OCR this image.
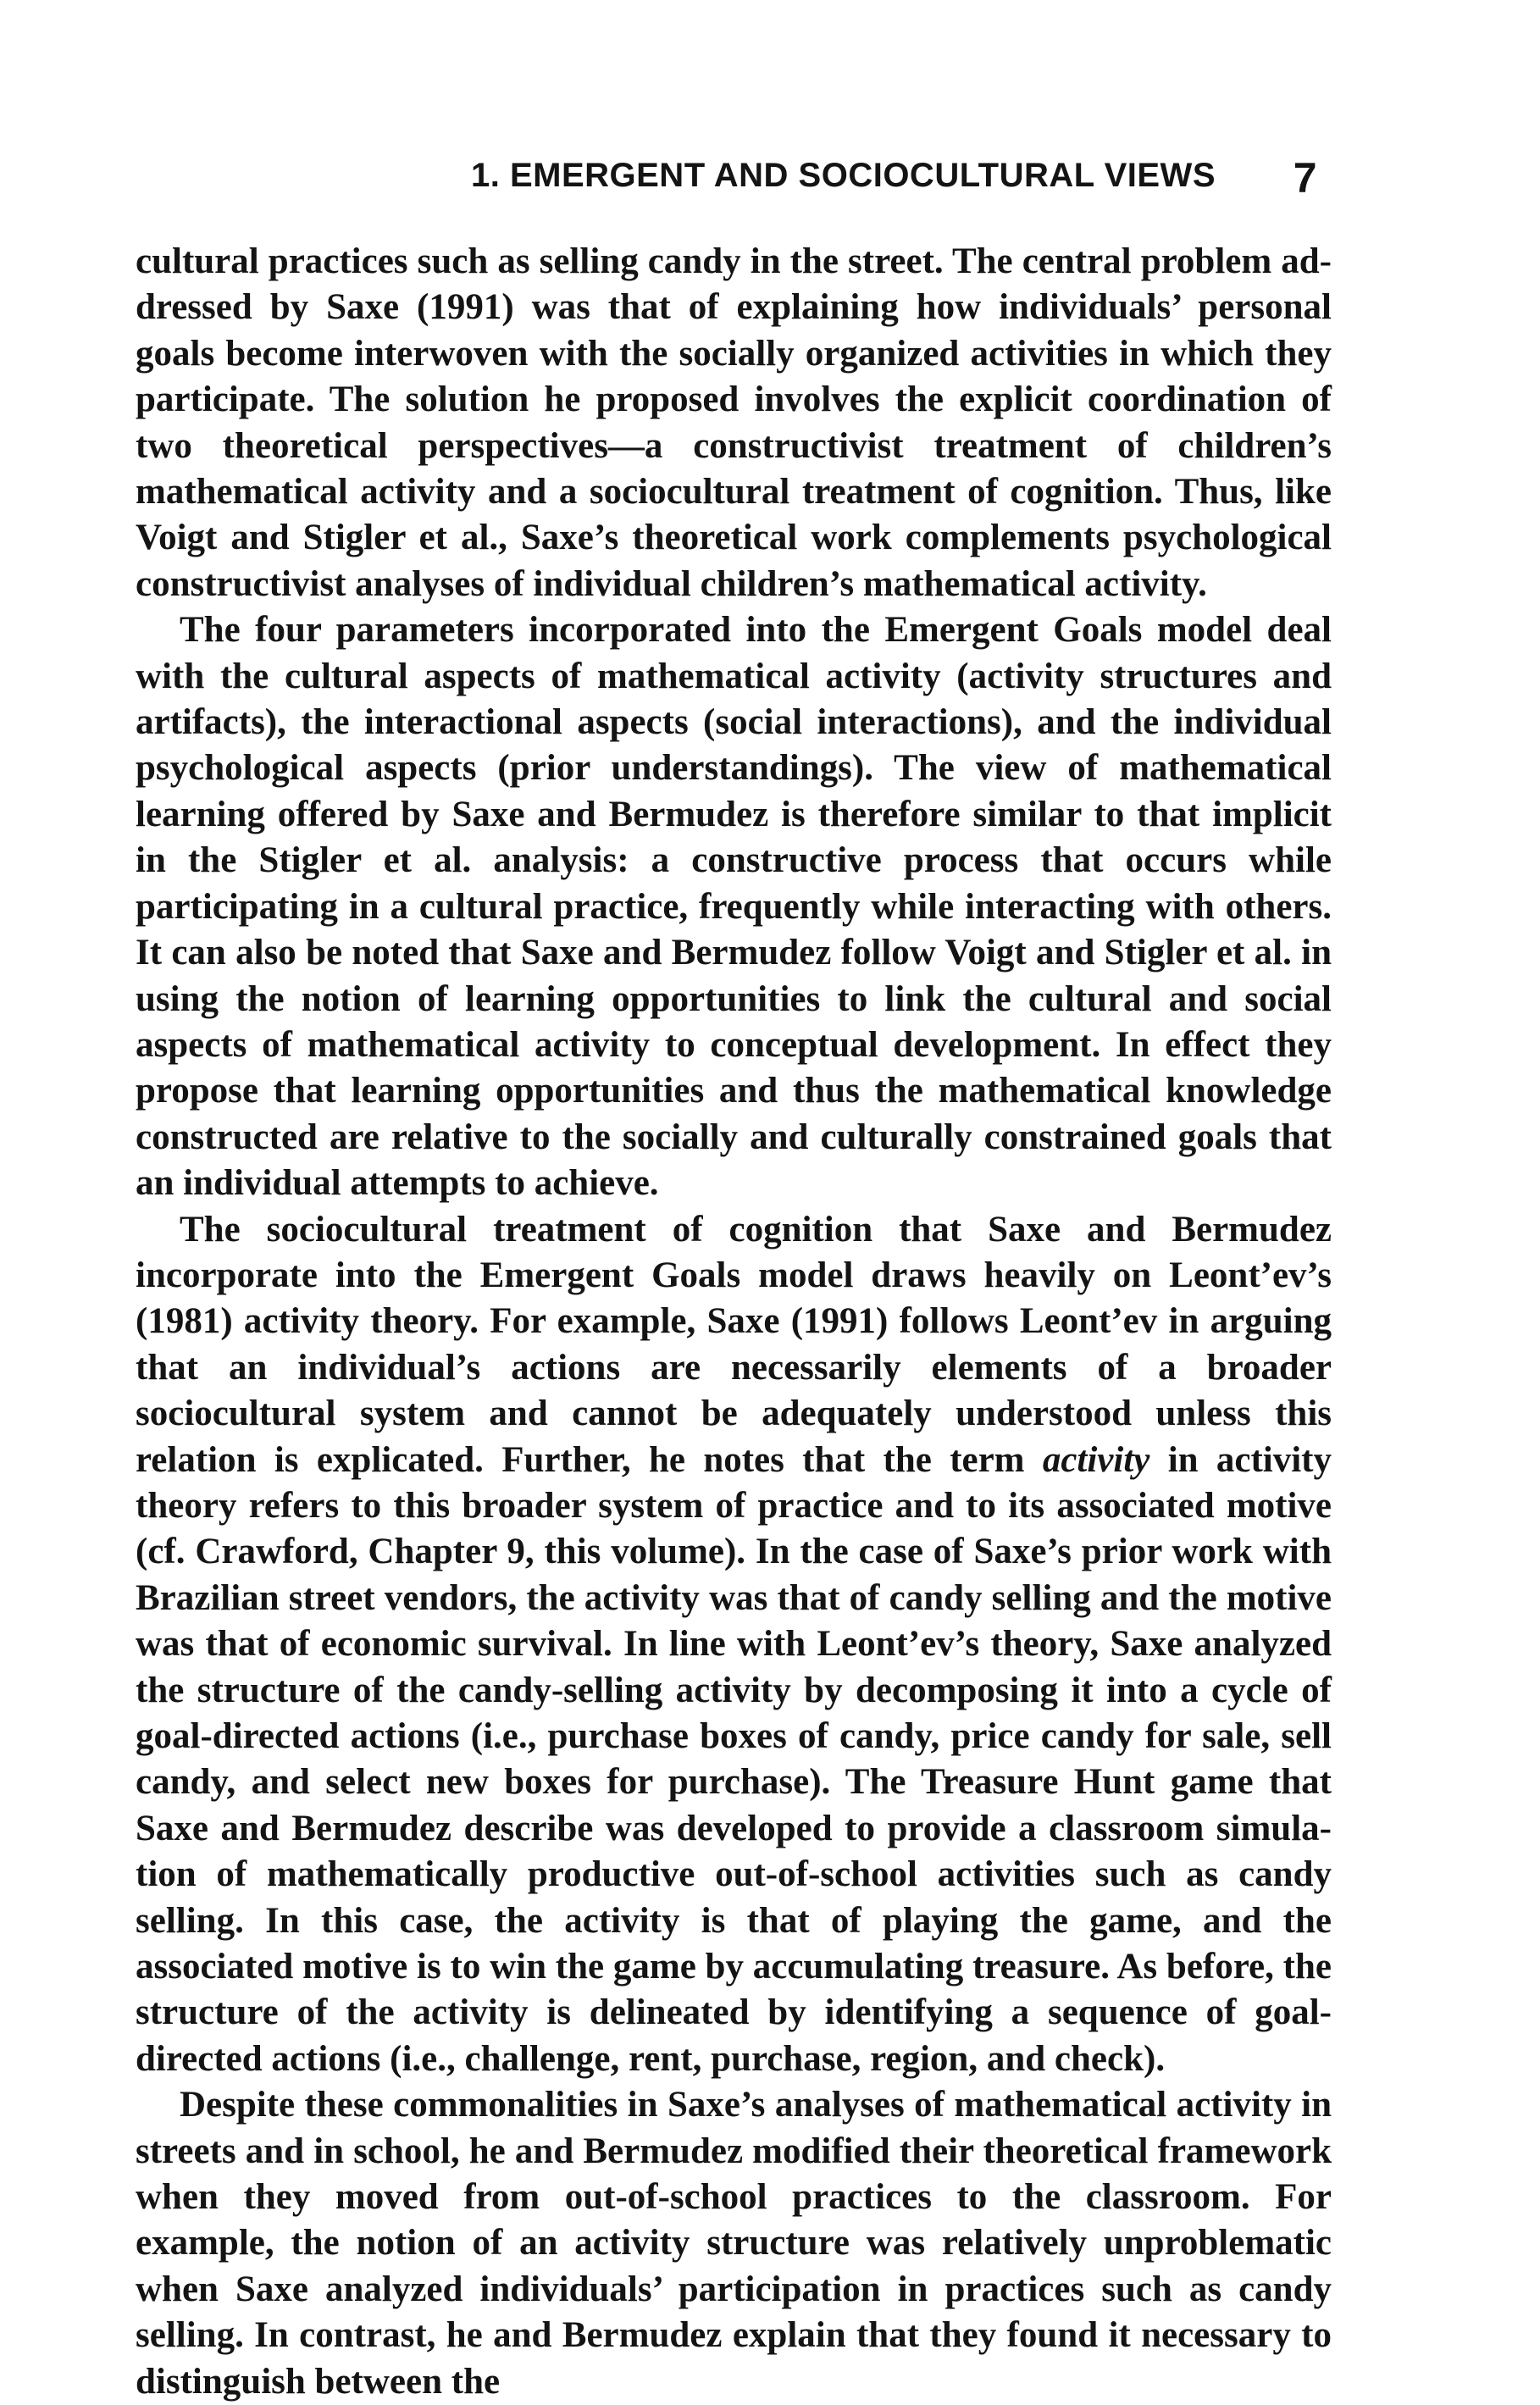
1. EMERGENT AND SOCIOCULTURAL VIEWS 7

cultural practices such as selling candy in the street. The central problem addressed by Saxe (1991) was that of explaining how individuals’ personal goals become interwoven with the socially organized activities in which they participate. The solution he proposed involves the explicit coordination of two theoretical perspectives—a constructivist treatment of children’s mathematical activity and a sociocultural treatment of cognition. Thus, like Voigt and Stigler et al., Saxe’s theoretical work complements psychological constructivist analyses of individual children’s mathematical activity.

The four parameters incorporated into the Emergent Goals model deal with the cultural aspects of mathematical activity (activity structures and artifacts), the interactional aspects (social interactions), and the individual psychological aspects (prior understandings). The view of mathematical learning offered by Saxe and Bermudez is therefore similar to that implicit in the Stigler et al. analysis: a constructive process that occurs while participating in a cultural practice, frequently while interacting with others. It can also be noted that Saxe and Bermudez follow Voigt and Stigler et al. in using the notion of learning opportunities to link the cultural and social aspects of mathematical activity to conceptual development. In effect they propose that learning opportunities and thus the mathematical knowledge constructed are relative to the socially and culturally constrained goals that an individual attempts to achieve.

The sociocultural treatment of cognition that Saxe and Bermudez incorporate into the Emergent Goals model draws heavily on Leont’ev’s (1981) activity theory. For example, Saxe (1991) follows Leont’ev in arguing that an individual’s actions are necessarily elements of a broader sociocultural system and cannot be adequately understood unless this relation is explicated. Further, he notes that the term activity in activity theory refers to this broader system of practice and to its associated motive (cf. Crawford, Chapter 9, this volume). In the case of Saxe’s prior work with Brazilian street vendors, the activity was that of candy selling and the motive was that of economic survival. In line with Leont’ev’s theory, Saxe analyzed the structure of the candy-selling activity by decomposing it into a cycle of goal-directed actions (i.e., purchase boxes of candy, price candy for sale, sell candy, and select new boxes for purchase). The Treasure Hunt game that Saxe and Bermudez describe was developed to provide a classroom simulation of mathematically productive out-of-school activities such as candy selling. In this case, the activity is that of playing the game, and the associated motive is to win the game by accumulating treasure. As before, the structure of the activity is delineated by identifying a sequence of goal-directed actions (i.e., challenge, rent, purchase, region, and check).

Despite these commonalities in Saxe’s analyses of mathematical activity in streets and in school, he and Bermudez modified their theoretical framework when they moved from out-of-school practices to the classroom. For example, the notion of an activity structure was relatively unproblematic when Saxe analyzed individuals’ participation in practices such as candy selling. In contrast, he and Bermudez explain that they found it necessary to distinguish between the
